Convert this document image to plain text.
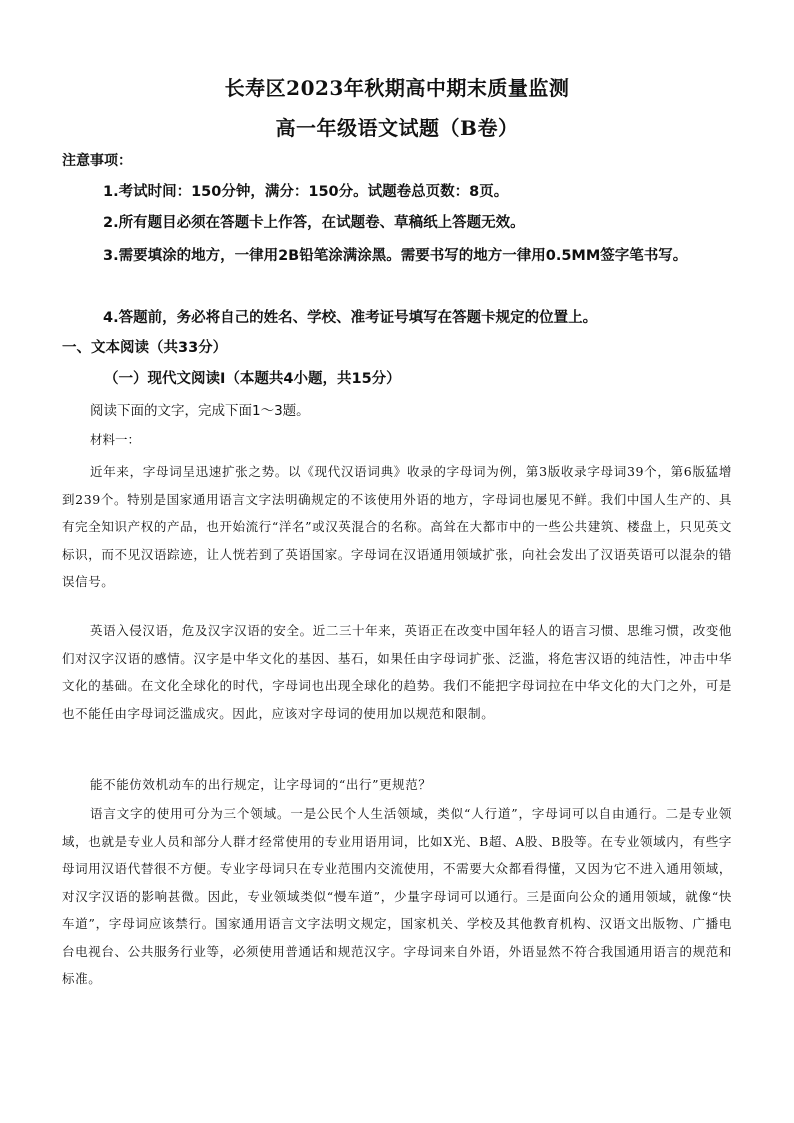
长寿区2023年秋期高中期末质量监测
高一年级语文试题（B卷）
注意事项：
1.考试时间：150分钟，满分：150分。试题卷总页数：8页。
2.所有题目必须在答题卡上作答，在试题卷、草稿纸上答题无效。
3.需要填涂的地方，一律用2B铅笔涂满涂黑。需要书写的地方一律用0.5MM签字笔书写。
4.答题前，务必将自己的姓名、学校、准考证号填写在答题卡规定的位置上。
一、文本阅读（共33分）
（一）现代文阅读Ⅰ（本题共4小题，共15分）
阅读下面的文字，完成下面1～3题。
材料一：
近年来，字母词呈迅速扩张之势。以《现代汉语词典》收录的字母词为例，第3版收录字母词39个，第6版猛增到239个。特别是国家通用语言文字法明确规定的不该使用外语的地方，字母词也屡见不鲜。我们中国人生产的、具有完全知识产权的产品，也开始流行“洋名”或汉英混合的名称。高耸在大都市中的一些公共建筑、楼盘上，只见英文标识，而不见汉语踪迹，让人恍若到了英语国家。字母词在汉语通用领域扩张，向社会发出了汉语英语可以混杂的错误信号。
英语入侵汉语，危及汉字汉语的安全。近二三十年来，英语正在改变中国年轻人的语言习惯、思维习惯，改变他们对汉字汉语的感情。汉字是中华文化的基因、基石，如果任由字母词扩张、泛滥，将危害汉语的纯洁性，冲击中华文化的基础。在文化全球化的时代，字母词也出现全球化的趋势。我们不能把字母词拉在中华文化的大门之外，可是也不能任由字母词泛滥成灾。因此，应该对字母词的使用加以规范和限制。
能不能仿效机动车的出行规定，让字母词的“出行”更规范？
语言文字的使用可分为三个领域。一是公民个人生活领域，类似“人行道”，字母词可以自由通行。二是专业领域，也就是专业人员和部分人群才经常使用的专业用语用词，比如X光、B超、A股、B股等。在专业领域内，有些字母词用汉语代替很不方便。专业字母词只在专业范围内交流使用，不需要大众都看得懂，又因为它不进入通用领域，对汉字汉语的影响甚微。因此，专业领域类似“慢车道”，少量字母词可以通行。三是面向公众的通用领域，就像“快车道”，字母词应该禁行。国家通用语言文字法明文规定，国家机关、学校及其他教育机构、汉语文出版物、广播电台电视台、公共服务行业等，必须使用普通话和规范汉字。字母词来自外语，外语显然不符合我国通用语言的规范和标准。
